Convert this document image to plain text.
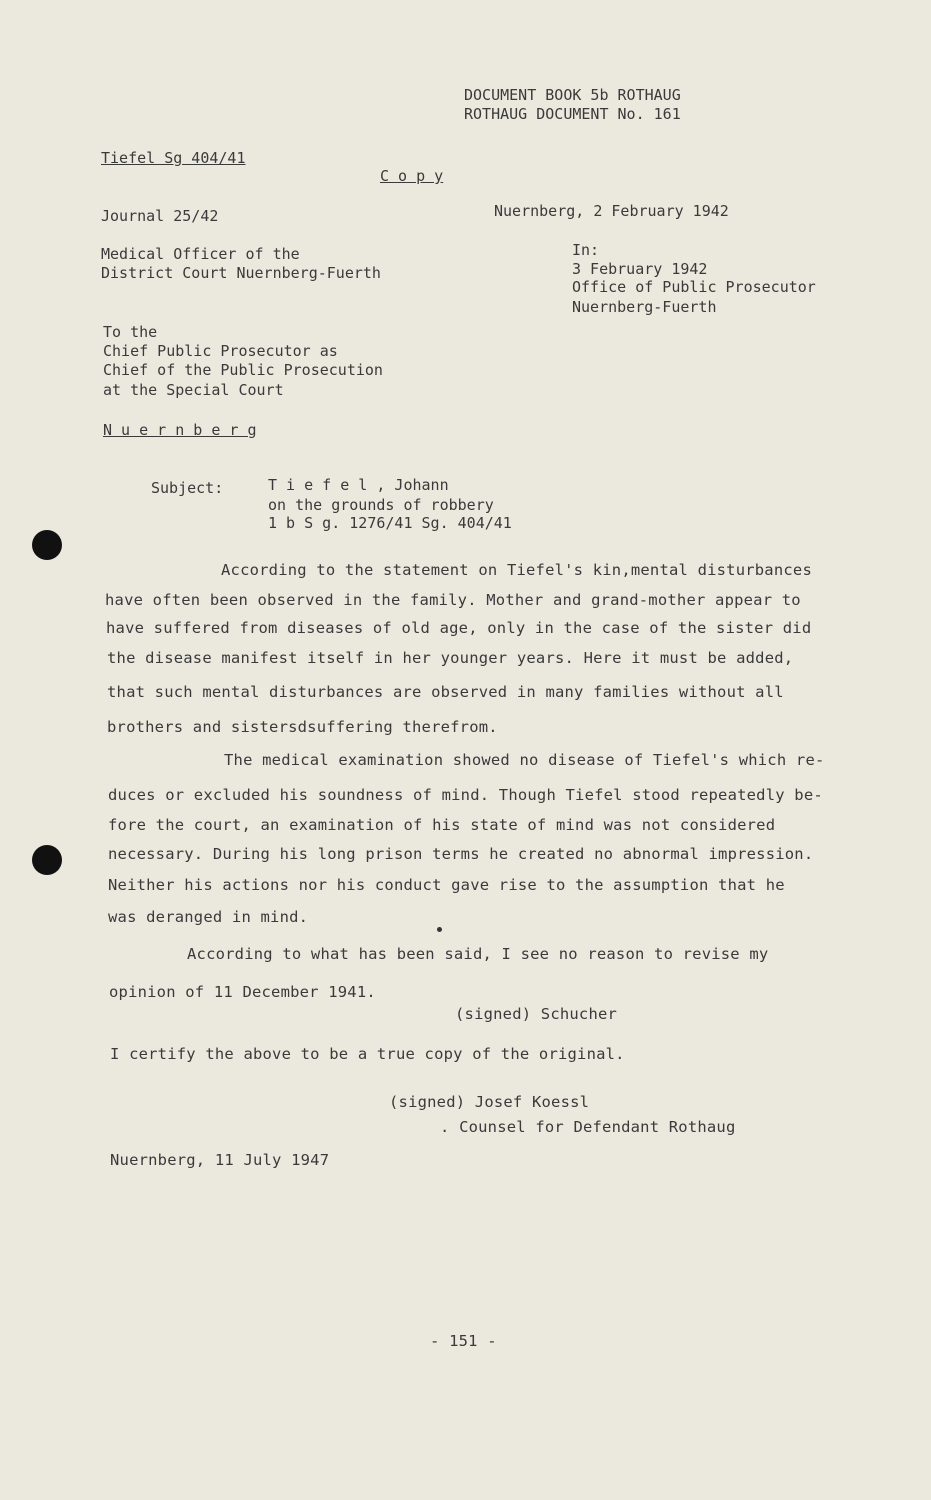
DOCUMENT BOOK 5b ROTHAUG
ROTHAUG DOCUMENT No. 161
Tiefel Sg 404/41
C o p y
Journal 25/42	Nuernberg, 2 February 1942
Medical Officer of the
District Court Nuernberg-Fuerth
In:
3 February 1942
Office of Public Prosecutor
Nuernberg-Fuerth
To the
Chief Public Prosecutor as
Chief of the Public Prosecution
at the Special Court
N u e r n b e r g
Subject:	T i e f e l , Johann
on the grounds of robbery
1 b S g. 1276/41 Sg. 404/41
According to the statement on Tiefel's kin,mental disturbances
have often been observed in the family. Mother and grand-mother appear to
have suffered from diseases of old age, only in the case of the sister did
the disease manifest itself in her younger years. Here it must be added,
that such mental disturbances are observed in many families without all
brothers and sistersdsuffering therefrom.
The medical examination showed no disease of Tiefel's which re-
duces or excluded his soundness of mind. Though Tiefel stood repeatedly be-
fore the court, an examination of his state of mind was not considered
necessary. During his long prison terms he created no abnormal impression.
Neither his actions nor his conduct gave rise to the assumption that he
was deranged in mind.
According to what has been said, I see no reason to revise my
opinion of 11 December 1941.
(signed) Schucher
I certify the above to be a true copy of the original.
(signed) Josef Koessl
. Counsel for Defendant Rothaug
Nuernberg, 11 July 1947
- 151 -
